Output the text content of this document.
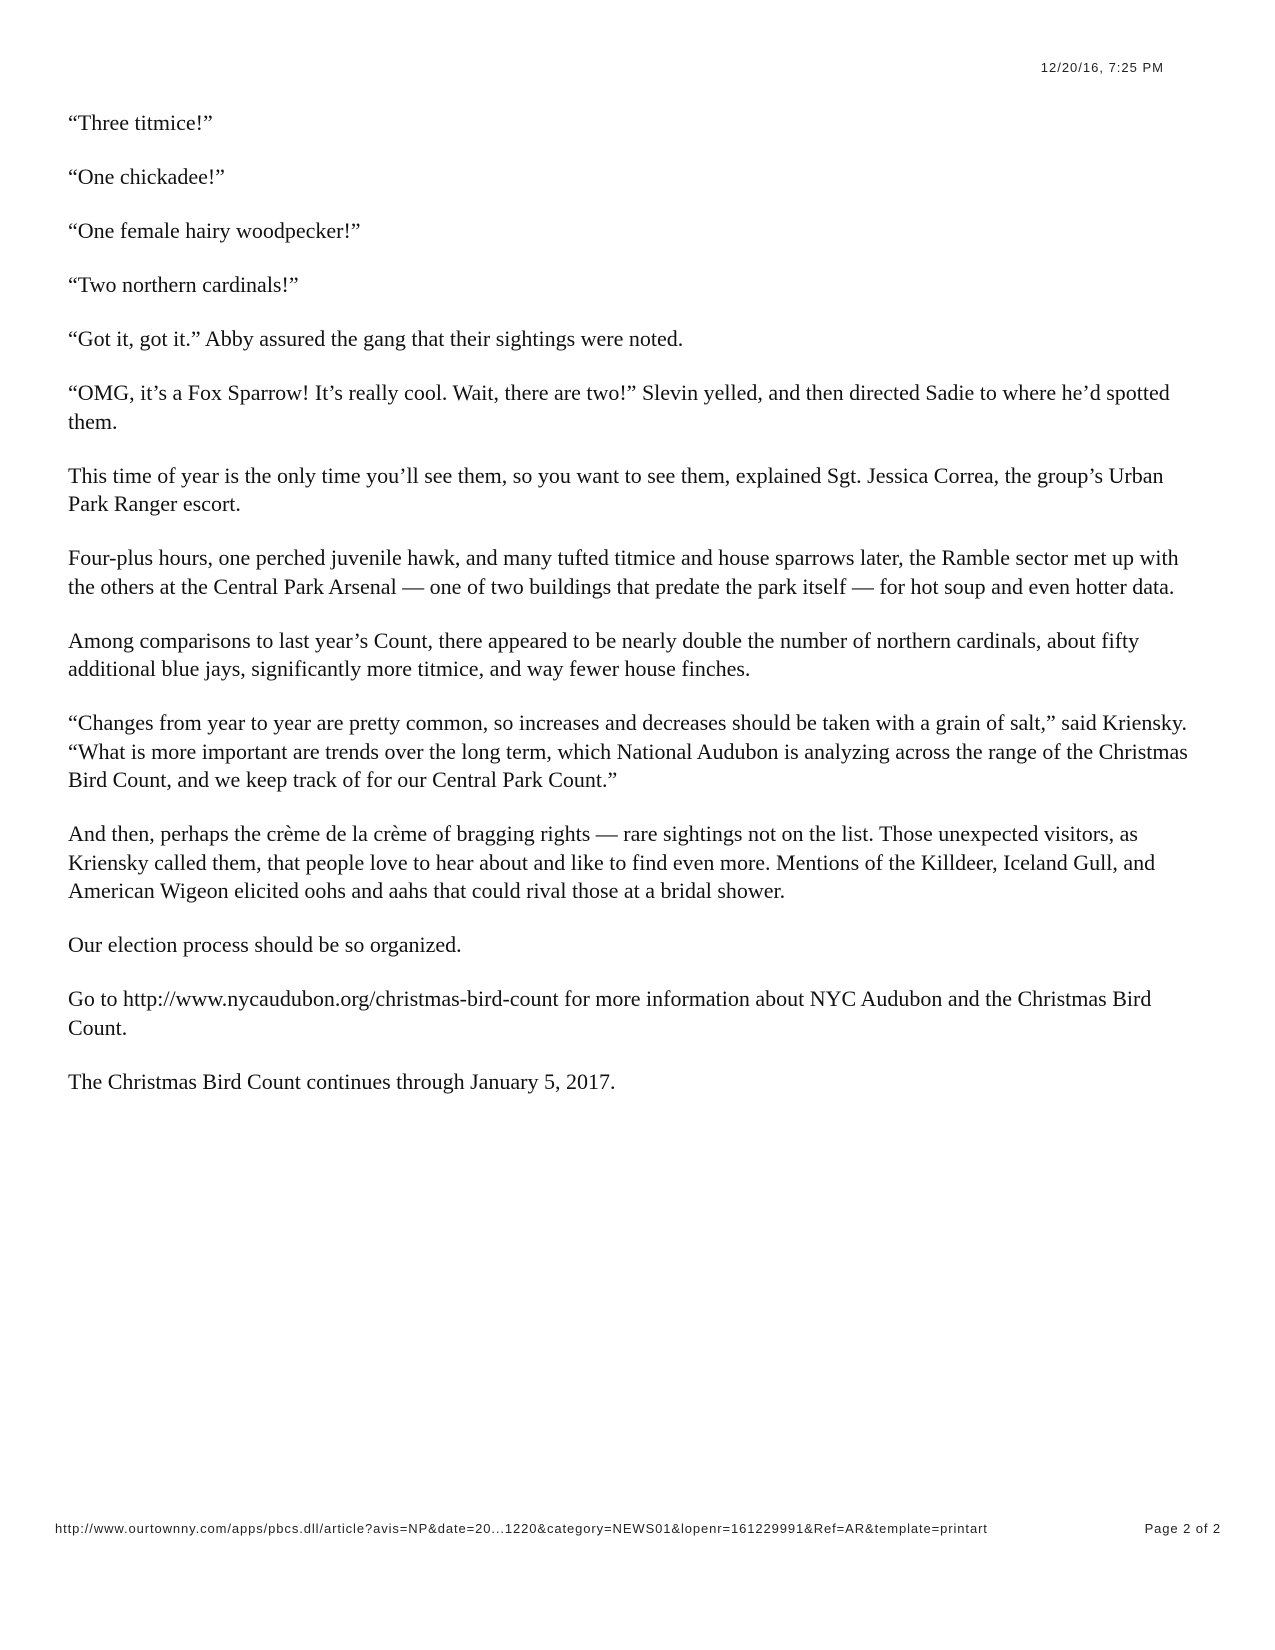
12/20/16, 7:25 PM

“Three titmice!”

“One chickadee!”

“One female hairy woodpecker!”

“Two northern cardinals!”

“Got it, got it.” Abby assured the gang that their sightings were noted.

“OMG, it’s a Fox Sparrow! It’s really cool. Wait, there are two!” Slevin yelled, and then directed Sadie to where he’d spotted them.

This time of year is the only time you’ll see them, so you want to see them, explained Sgt. Jessica Correa, the group’s Urban Park Ranger escort.

Four-plus hours, one perched juvenile hawk, and many tufted titmice and house sparrows later, the Ramble sector met up with the others at the Central Park Arsenal — one of two buildings that predate the park itself — for hot soup and even hotter data.

Among comparisons to last year’s Count, there appeared to be nearly double the number of northern cardinals, about fifty additional blue jays, significantly more titmice, and way fewer house finches.

“Changes from year to year are pretty common, so increases and decreases should be taken with a grain of salt,” said Kriensky. “What is more important are trends over the long term, which National Audubon is analyzing across the range of the Christmas Bird Count, and we keep track of for our Central Park Count.”

And then, perhaps the crème de la crème of bragging rights — rare sightings not on the list. Those unexpected visitors, as Kriensky called them, that people love to hear about and like to find even more. Mentions of the Killdeer, Iceland Gull, and American Wigeon elicited oohs and aahs that could rival those at a bridal shower.

Our election process should be so organized.

Go to http://www.nycaudubon.org/christmas-bird-count for more information about NYC Audubon and the Christmas Bird Count.

The Christmas Bird Count continues through January 5, 2017.

http://www.ourtownny.com/apps/pbcs.dll/article?avis=NP&date=20...1220&category=NEWS01&lopenr=161229991&Ref=AR&template=printart	Page 2 of 2
